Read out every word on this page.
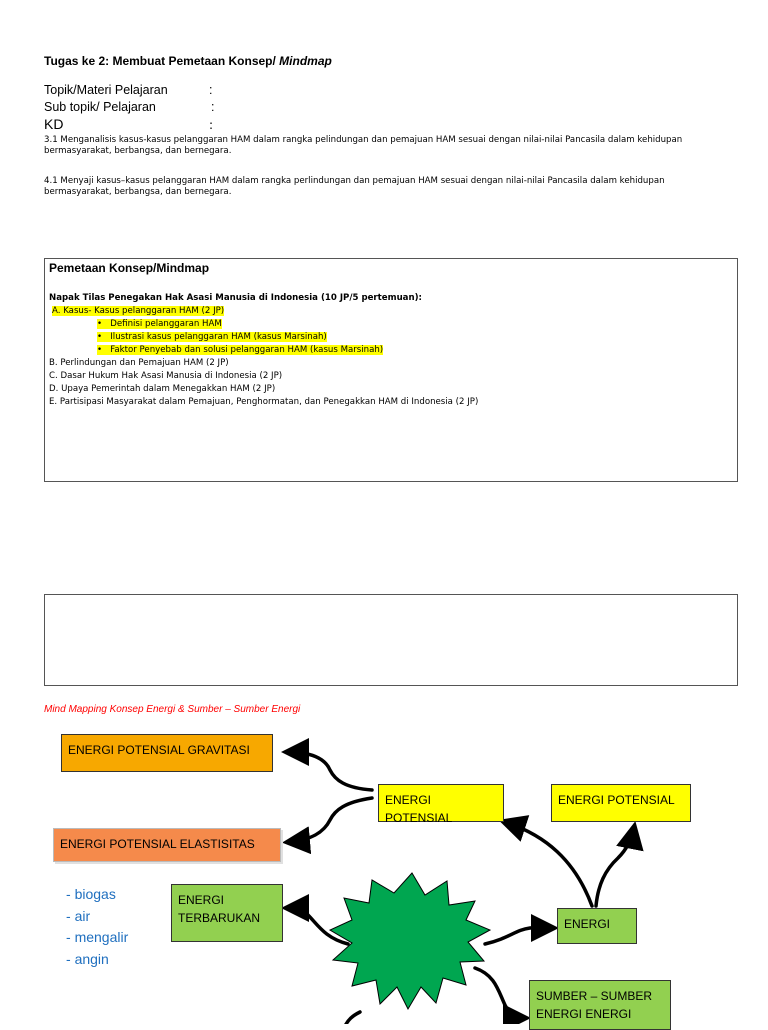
Tugas ke 2: Membuat Pemetaan Konsep/ Mindmap
Topik/Materi Pelajaran	:
Sub topik/ Pelajaran	:
KD	:
3.1 Menganalisis kasus-kasus pelanggaran HAM dalam rangka pelindungan dan pemajuan HAM sesuai dengan nilai-nilai Pancasila dalam kehidupan bermasyarakat, berbangsa, dan bernegara.
4.1 Menyaji kasus–kasus pelanggaran HAM dalam rangka perlindungan dan pemajuan HAM sesuai dengan nilai-nilai Pancasila dalam kehidupan bermasyarakat, berbangsa, dan bernegara.
Pemetaan Konsep/Mindmap
Napak Tilas Penegakan Hak Asasi Manusia di Indonesia (10 JP/5 pertemuan):
A. Kasus- Kasus pelanggaran HAM (2 JP)
•   Definisi pelanggaran HAM
•   Ilustrasi kasus pelanggaran HAM (kasus Marsinah)
•   Faktor Penyebab dan solusi pelanggaran HAM (kasus Marsinah)
B. Perlindungan dan Pemajuan HAM (2 JP)
C. Dasar Hukum Hak Asasi Manusia di Indonesia (2 JP)
D. Upaya Pemerintah dalam Menegakkan HAM (2 JP)
E. Partisipasi Masyarakat dalam Pemajuan, Penghormatan, dan Penegakkan HAM di Indonesia (2 JP)
Mind Mapping Konsep Energi & Sumber – Sumber Energi
ENERGI POTENSIAL GRAVITASI
ENERGI POTENSIAL ELASTISITAS
ENERGI POTENSIAL
ENERGI POTENSIAL
ENERGI TERBARUKAN	ENERGI
SUMBER – SUMBER ENERGI ENERGI
- biogas
- air
- mengalir
- angin
